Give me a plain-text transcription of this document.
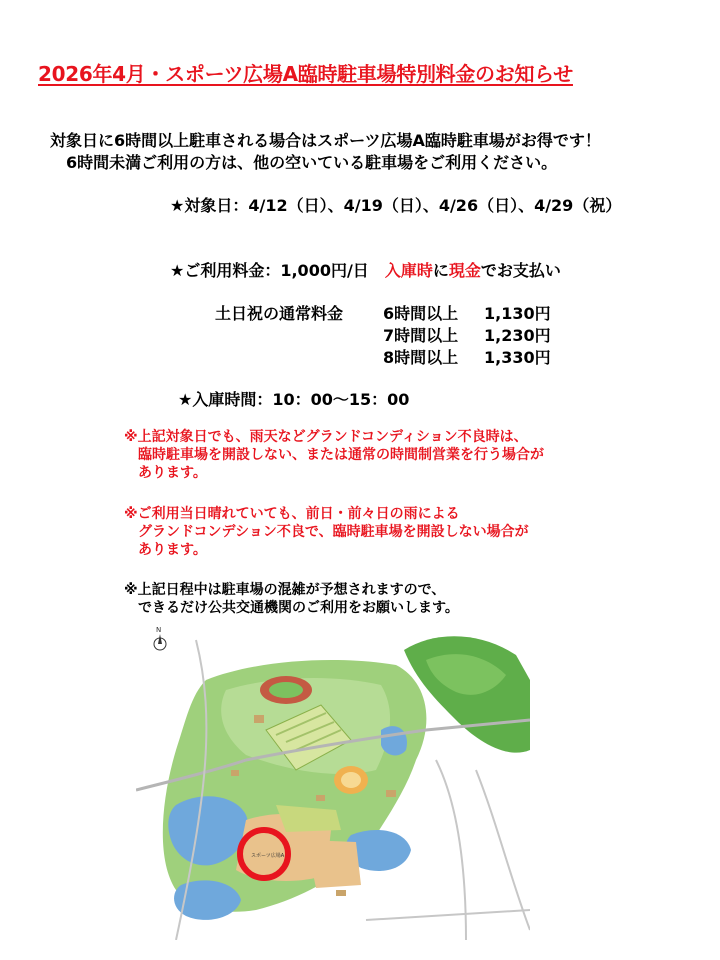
2026年4月・スポーツ広場A臨時駐車場特別料金のお知らせ
対象日に6時間以上駐車される場合はスポーツ広場A臨時駐車場がお得です！
6時間未満ご利用の方は、他の空いている駐車場をご利用ください。
★対象日：4/12（日）、4/19（日）、4/26（日）、4/29（祝）
★ご利用料金：1,000円/日　入庫時に現金でお支払い
土日祝の通常料金 6時間以上 1,130円
7時間以上 1,230円
8時間以上 1,330円
★入庫時間：10：00～15：00
※上記対象日でも、雨天などグランドコンディション不良時は、
　臨時駐車場を開設しない、または通常の時間制営業を行う場合が
　あります。
※ご利用当日晴れていても、前日・前々日の雨による
　グランドコンデション不良で、臨時駐車場を開設しない場合が
　あります。
※上記日程中は駐車場の混雑が予想されますので、
　できるだけ公共交通機関のご利用をお願いします。
N
スポーツ広場A
